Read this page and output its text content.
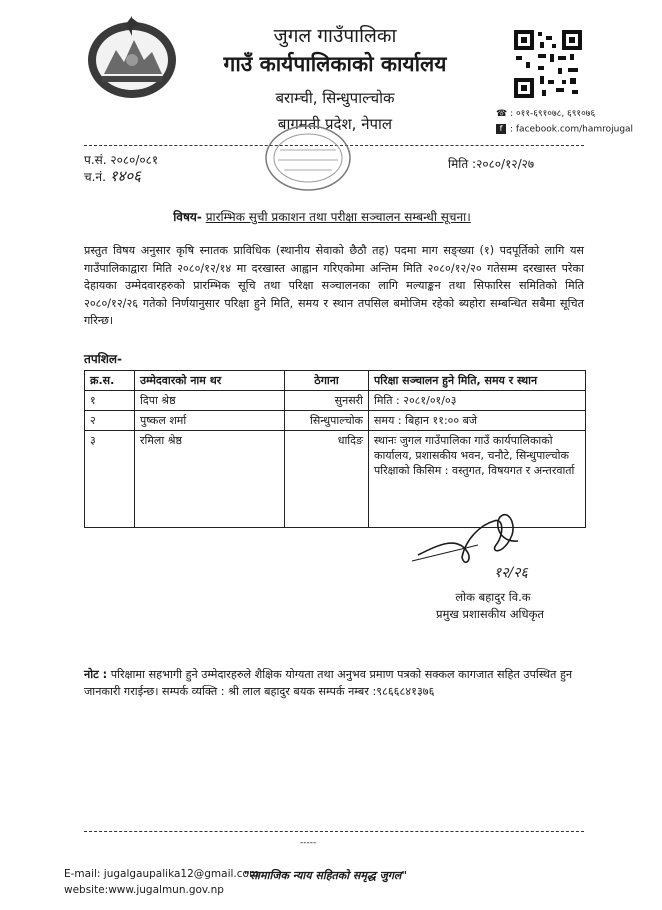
जुगल गाउँपालिका
गाउँ कार्यपालिकाको कार्यालय
बराम्ची, सिन्धुपाल्चोक
बागमती प्रदेश, नेपाल
☎ : ०११-६९१०७८, ६९१०७६
f : facebook.com/hamrojugal
प.सं. २०८०/०८१
च.नं. १४०६
मिति :२०८०/१२/२७
विषय- प्रारम्भिक सुची प्रकाशन तथा परीक्षा सञ्चालन सम्बन्धी सूचना।
प्रस्तुत विषय अनुसार कृषि स्नातक प्राविधिक (स्थानीय सेवाको छैठौ तह) पदमा माग सङ्ख्या (१) पदपूर्तिको लागि यस गाउँपालिकाद्वारा मिति २०८०/१२/१४ मा दरखास्त आह्वान गरिएकोमा अन्तिम मिति २०८०/१२/२० गतेसम्म दरखास्त परेका देहायका उम्मेदवारहरुको प्रारम्भिक सूचि तथा परिक्षा सञ्चालनका लागि मल्याङ्कन तथा सिफारिस समितिको मिति २०८०/१२/२६ गतेको निर्णयानुसार परिक्षा हुने मिति, समय र स्थान तपसिल बमोजिम रहेको ब्यहोरा सम्बन्धित सबैमा सूचित गरिन्छ।
तपशिल-
क्र.स.	उम्मेदवारको नाम थर	ठेगाना	परिक्षा सञ्चालन हुने मिति, समय र स्थान
१	दिपा श्रेष्ठ	सुनसरी	मिति : २०८१/०१/०३
२	पुष्कल शर्मा	सिन्धुपाल्चोक	समय : बिहान ११:०० बजे
३	रमिला श्रेष्ठ	धादिङ	स्थानः जुगल गाउँपालिका गाउँ कार्यपालिकाको कार्यालय, प्रशासकीय भवन, चनौटे, सिन्धुपाल्चोक
परिक्षाको किसिम : वस्तुगत, विषयगत र अन्तरवार्ता
१२/२६
लोक बहादुर वि.क
प्रमुख प्रशासकीय अधिकृत
नोट : परिक्षामा सहभागी हुने उम्मेदारहरुले शैक्षिक योग्यता तथा अनुभव प्रमाण पत्रको सक्कल कागजात सहित उपस्थित हुन जानकारी गराईन्छ। सम्पर्क व्यक्ति : श्री लाल बहादुर बयक सम्पर्क नम्बर :९८६६८४१३७६
-----
E-mail: jugalgaupalika12@gmail.com
website:www.jugalmun.gov.np
"सामाजिक न्याय सहितको समृद्ध जुगल"
